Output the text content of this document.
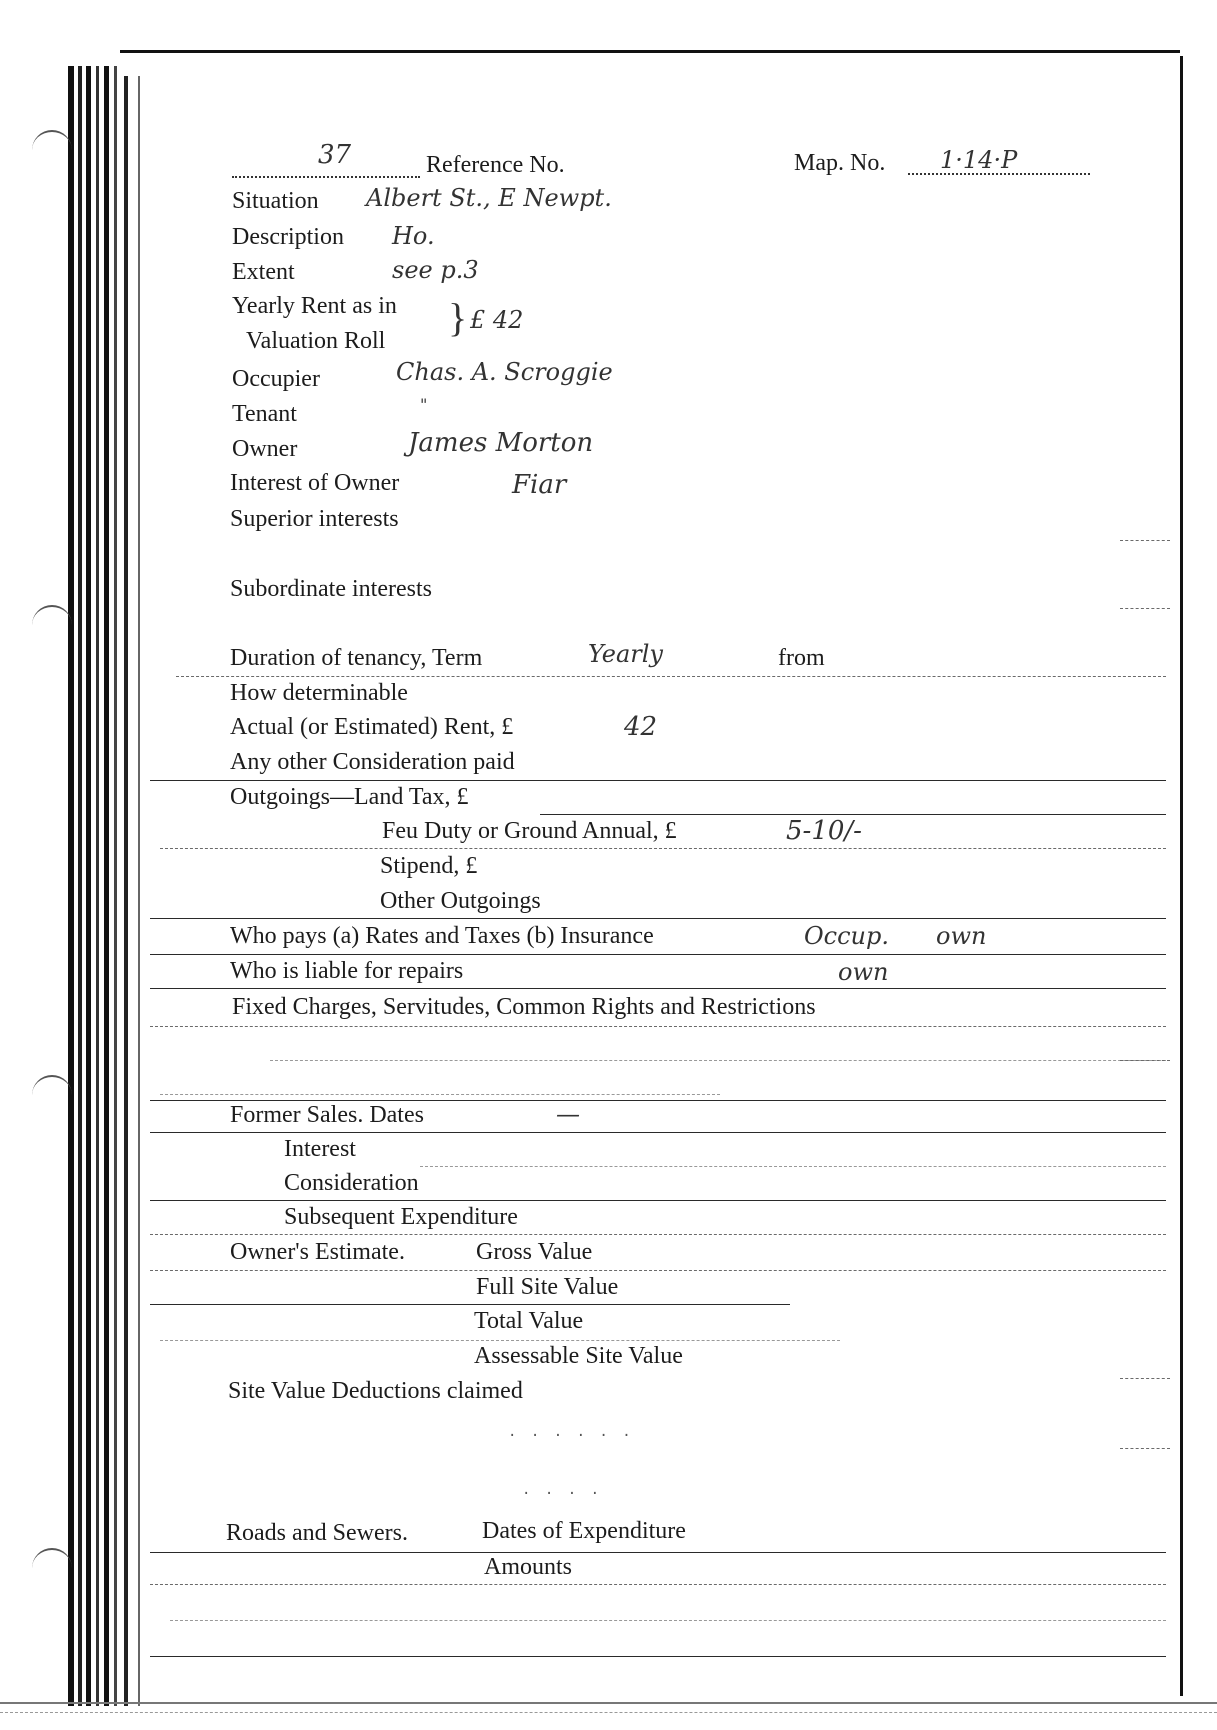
37	Reference No.	Map. No. 1·14·P
Situation Albert St., E Newpt.
Description Ho.
Extent	see p.3
Yearly Rent as in
Valuation Roll
} £ 42
Occupier	Chas. A. Scroggie
Tenant	"
Owner	James Morton
Interest of Owner	Fiar
Superior interests
Subordinate interests
Duration of tenancy, Term	Yearly	from
How determinable
Actual (or Estimated) Rent, £	42
Any other Consideration paid
Outgoings—Land Tax, £
Feu Duty or Ground Annual, £	5-10/-
Stipend, £
Other Outgoings
Who pays (a) Rates and Taxes (b) Insurance	Occup. own
Who is liable for repairs	own
Fixed Charges, Servitudes, Common Rights and Restrictions
Former Sales. Dates	—
Interest
Consideration
Subsequent Expenditure
Owner's Estimate.	Gross Value
Full Site Value
Total Value
Assessable Site Value
Site Value Deductions claimed
· · · · · ·
· · · ·
Roads and Sewers.	Dates of Expenditure
Amounts
